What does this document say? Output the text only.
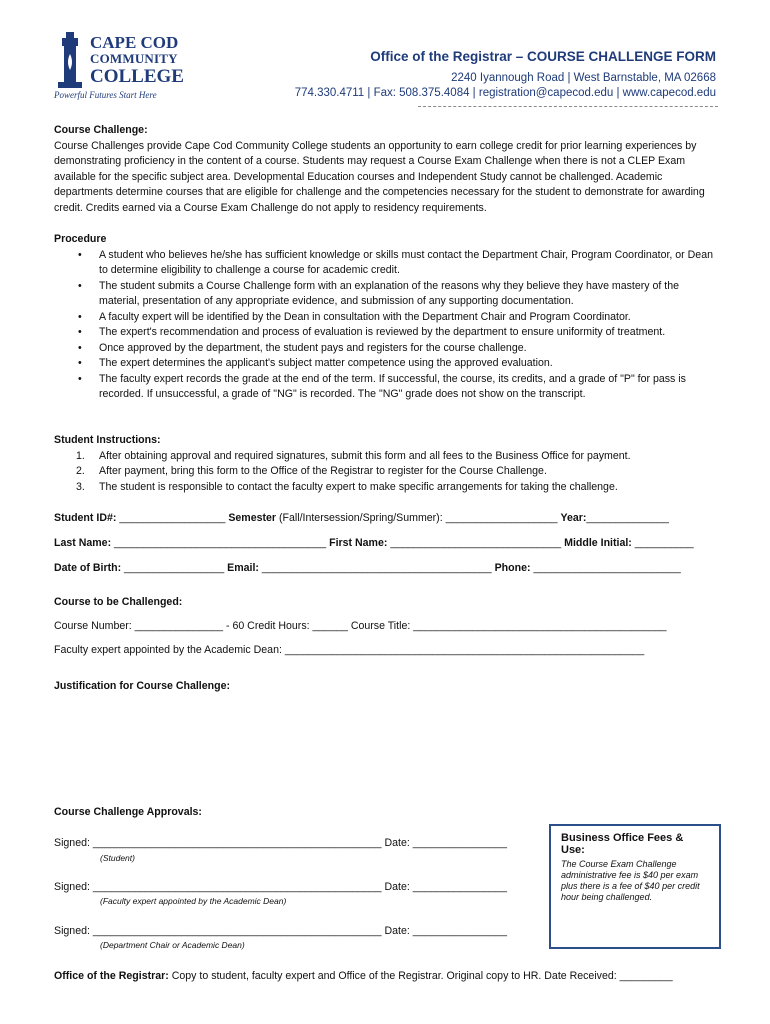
CAPE COD
COMMUNITY
COLLEGE
Powerful Futures Start Here
Office of the Registrar – COURSE CHALLENGE FORM
2240 Iyannough Road | West Barnstable, MA 02668
774.330.4711 | Fax: 508.375.4084 | registration@capecod.edu | www.capecod.edu
Course Challenge:
Course Challenges provide Cape Cod Community College students an opportunity to earn college credit for prior learning experiences by demonstrating proficiency in the content of a course. Students may request a Course Exam Challenge when there is not a CLEP Exam available for the specific subject area. Developmental Education courses and Independent Study cannot be challenged. Academic departments determine courses that are eligible for challenge and the competencies necessary for the student to demonstrate for awarding credit. Credits earned via a Course Exam Challenge do not apply to residency requirements.
Procedure
• A student who believes he/she has sufficient knowledge or skills must contact the Department Chair, Program Coordinator, or Dean to determine eligibility to challenge a course for academic credit.
• The student submits a Course Challenge form with an explanation of the reasons why they believe they have mastery of the material, presentation of any appropriate evidence, and submission of any supporting documentation.
• A faculty expert will be identified by the Dean in consultation with the Department Chair and Program Coordinator.
• The expert's recommendation and process of evaluation is reviewed by the department to ensure uniformity of treatment.
• Once approved by the department, the student pays and registers for the course challenge.
• The expert determines the applicant's subject matter competence using the approved evaluation.
• The faculty expert records the grade at the end of the term. If successful, the course, its credits, and a grade of "P" for pass is recorded. If unsuccessful, a grade of "NG" is recorded. The "NG" grade does not show on the transcript.
Student Instructions:
1. After obtaining approval and required signatures, submit this form and all fees to the Business Office for payment.
2. After payment, bring this form to the Office of the Registrar to register for the Course Challenge.
3. The student is responsible to contact the faculty expert to make specific arrangements for taking the challenge.
Student ID#: __________________ Semester (Fall/Intersession/Spring/Summer): ___________________ Year:______________
Last Name: ____________________________________ First Name: _____________________________ Middle Initial: __________
Date of Birth: _________________ Email: _______________________________________ Phone: _________________________
Course to be Challenged:
Course Number: _______________ - 60 Credit Hours: ______ Course Title: ___________________________________________
Faculty expert appointed by the Academic Dean: _____________________________________________________________
Justification for Course Challenge:
Course Challenge Approvals:
Signed: _________________________________________________ Date: ________________
(Student)
Signed: _________________________________________________ Date: ________________
(Faculty expert appointed by the Academic Dean)
Signed: _________________________________________________ Date: ________________
(Department Chair or Academic Dean)
Business Office Fees & Use:
The Course Exam Challenge administrative fee is $40 per exam plus there is a fee of $40 per credit hour being challenged.
Office of the Registrar: Copy to student, faculty expert and Office of the Registrar. Original copy to HR. Date Received: _________
